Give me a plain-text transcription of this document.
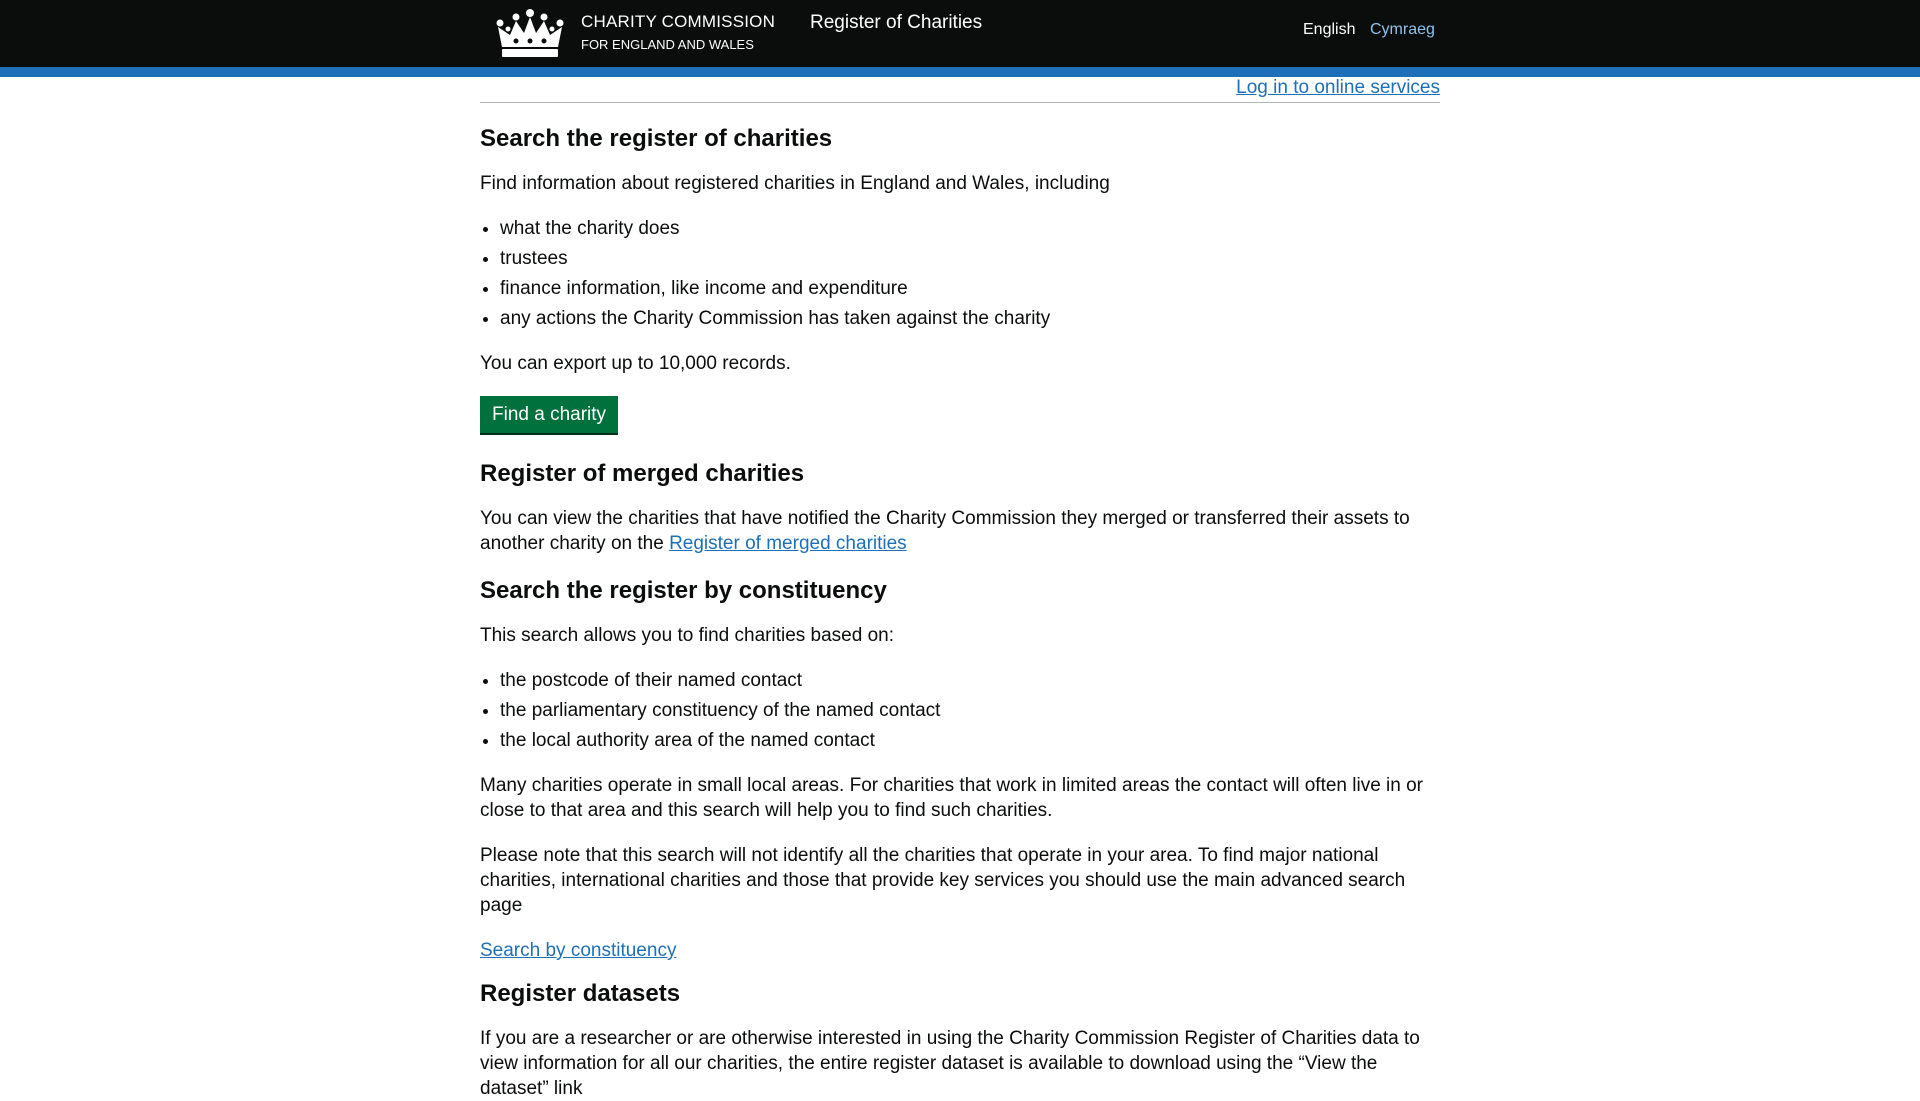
CHARITY COMMISSION
FOR ENGLAND AND WALES
Register of Charities	English Cymraeg
Log in to online services
Search the register of charities

Find information about registered charities in England and Wales, including

• what the charity does
• trustees
• finance information, like income and expenditure
• any actions the Charity Commission has taken against the charity

You can export up to 10,000 records.

Find a charity
Register of merged charities

You can view the charities that have notified the Charity Commission they merged or transferred their assets to another charity on the Register of merged charities

Search the register by constituency

This search allows you to find charities based on:

• the postcode of their named contact
• the parliamentary constituency of the named contact
• the local authority area of the named contact

Many charities operate in small local areas. For charities that work in limited areas the contact will often live in or close to that area and this search will help you to find such charities.

Please note that this search will not identify all the charities that operate in your area. To find major national charities, international charities and those that provide key services you should use the main advanced search page

Search by constituency

Register datasets

If you are a researcher or are otherwise interested in using the Charity Commission Register of Charities data to view information for all our charities, the entire register dataset is available to download using the “View the dataset” link
